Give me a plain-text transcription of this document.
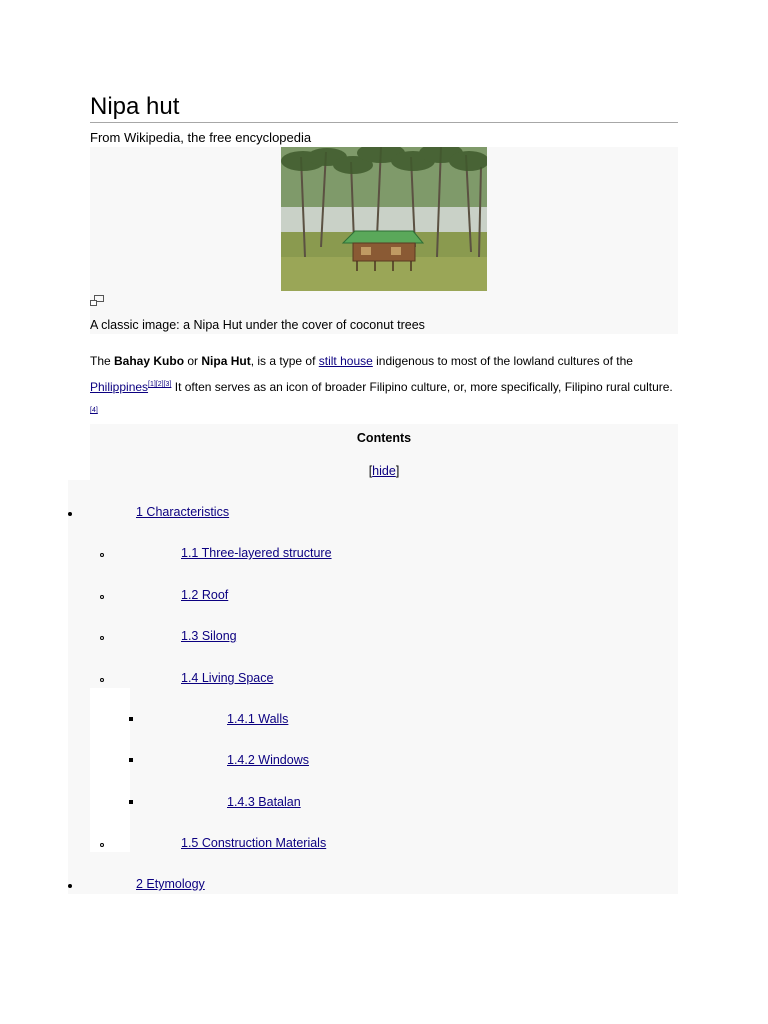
Nipa hut
From Wikipedia, the free encyclopedia
A classic image: a Nipa Hut under the cover of coconut trees
The Bahay Kubo or Nipa Hut, is a type of stilt house indigenous to most of the lowland cultures of the Philippines[1][2][3] It often serves as an icon of broader Filipino culture, or, more specifically, Filipino rural culture.[4]
Contents
[hide]
1 Characteristics
1.1 Three-layered structure
1.2 Roof
1.3 Silong
1.4 Living Space
1.4.1 Walls
1.4.2 Windows
1.4.3 Batalan
1.5 Construction Materials
2 Etymology
